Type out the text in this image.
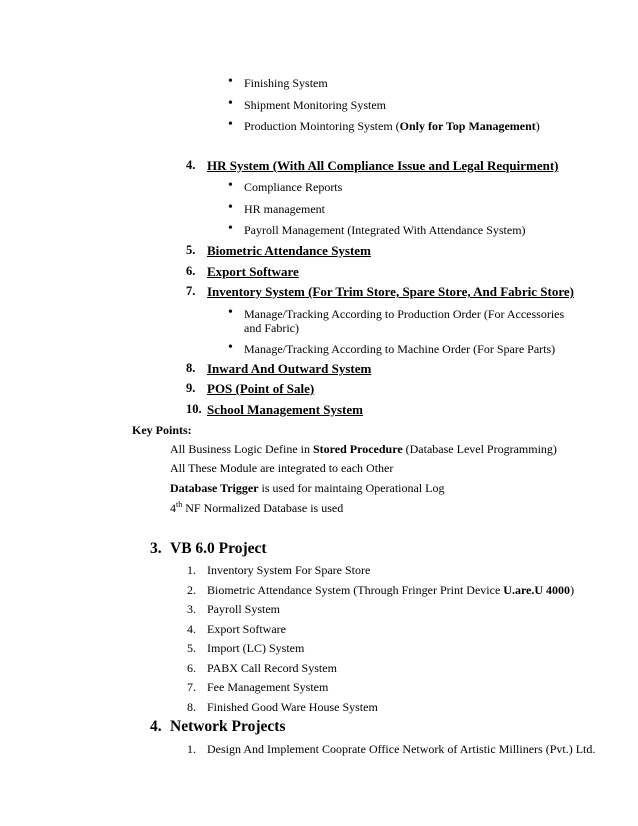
• Finishing System
• Shipment Monitoring System
• Production Mointoring System (Only for Top Management)
4. HR System (With All Compliance Issue and Legal Requirment)
• Compliance Reports
• HR management
• Payroll Management (Integrated With Attendance System)
5. Biometric Attendance System
6. Export Software
7. Inventory System (For Trim Store, Spare Store, And Fabric Store)
• Manage/Tracking According to Production Order (For Accessories and Fabric)
• Manage/Tracking According to Machine Order (For Spare Parts)
8. Inward And Outward System
9. POS (Point of Sale)
10. School Management System
Key Points:
All Business Logic Define in Stored Procedure (Database Level Programming)
All These Module are integrated to each Other
Database Trigger is used for maintaing Operational Log
4th NF Normalized Database is used
3. VB 6.0 Project
1. Inventory System For Spare Store
2. Biometric Attendance System (Through Fringer Print Device U.are.U 4000)
3. Payroll System
4. Export Software
5. Import (LC) System
6. PABX Call Record System
7. Fee Management System
8. Finished Good Ware House System
4. Network Projects
1. Design And Implement Cooprate Office Network of Artistic Milliners (Pvt.) Ltd.
